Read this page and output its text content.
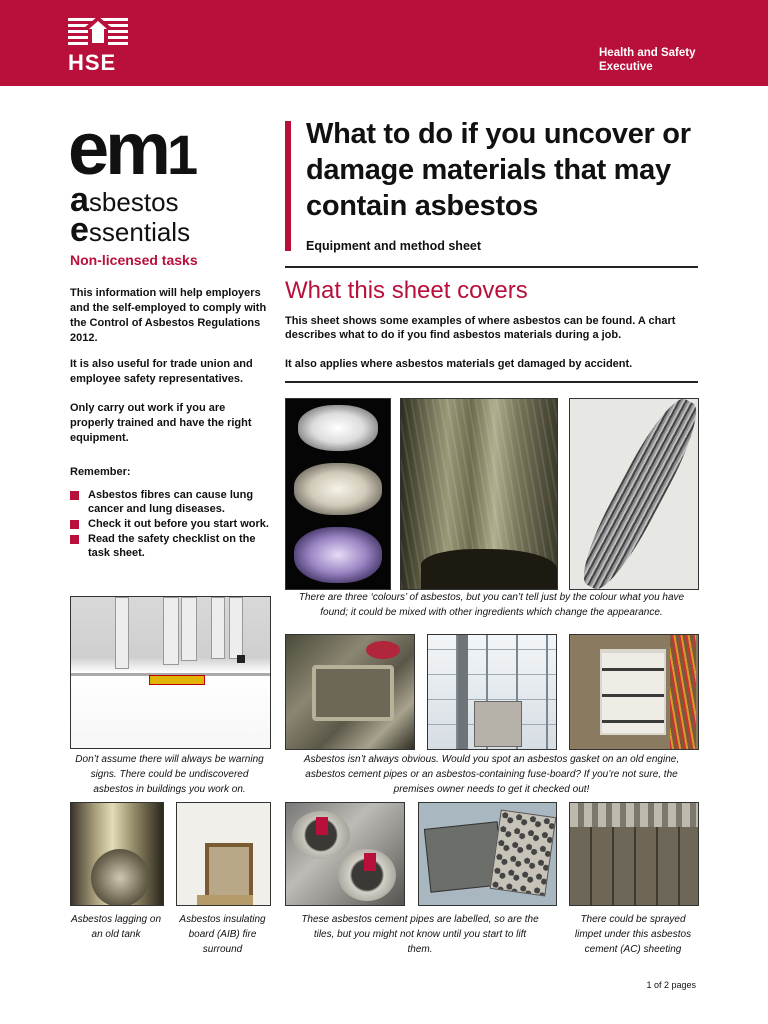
HSE	Health and Safety
Executive
em1
asbestos
essentials
Non-licensed tasks
This information will help employers and the self-employed to comply with the Control of Asbestos Regulations 2012.
It is also useful for trade union and employee safety representatives.
Only carry out work if you are properly trained and have the right equipment.
Remember:
Asbestos fibres can cause lung cancer and lung diseases.
Check it out before you start work.
Read the safety checklist on the task sheet.
What to do if you uncover or damage materials that may contain asbestos
Equipment and method sheet
What this sheet covers
This sheet shows some examples of where asbestos can be found. A chart describes what to do if you find asbestos materials during a job.
It also applies where asbestos materials get damaged by accident.
There are three ‘colours’ of asbestos, but you can’t tell just by the colour what you have found; it could be mixed with other ingredients which change the appearance.
Don’t assume there will always be warning signs. There could be undiscovered asbestos in buildings you work on.
Asbestos isn’t always obvious. Would you spot an asbestos gasket on an old engine, asbestos cement pipes or an asbestos-containing fuse-board? If you’re not sure, the premises owner needs to get it checked out!
Asbestos lagging on an old tank
Asbestos insulating board (AIB) fire surround
These asbestos cement pipes are labelled, so are the tiles, but you might not know until you start to lift them.
There could be sprayed limpet under this asbestos cement (AC) sheeting
1 of 2 pages
